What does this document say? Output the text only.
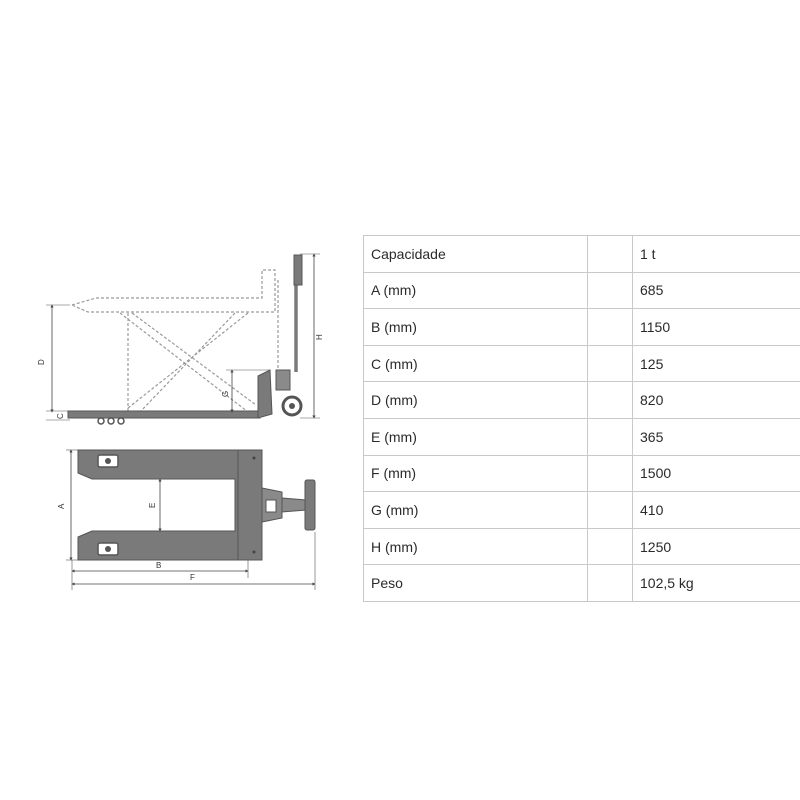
D
C
G
H
A	E
B
F
Capacidade		1 t
A (mm)		685
B (mm)		1150
C (mm)		125
D (mm)		820
E (mm)		365
F (mm)		1500
G (mm)		410
H (mm)		1250
Peso		102,5 kg
